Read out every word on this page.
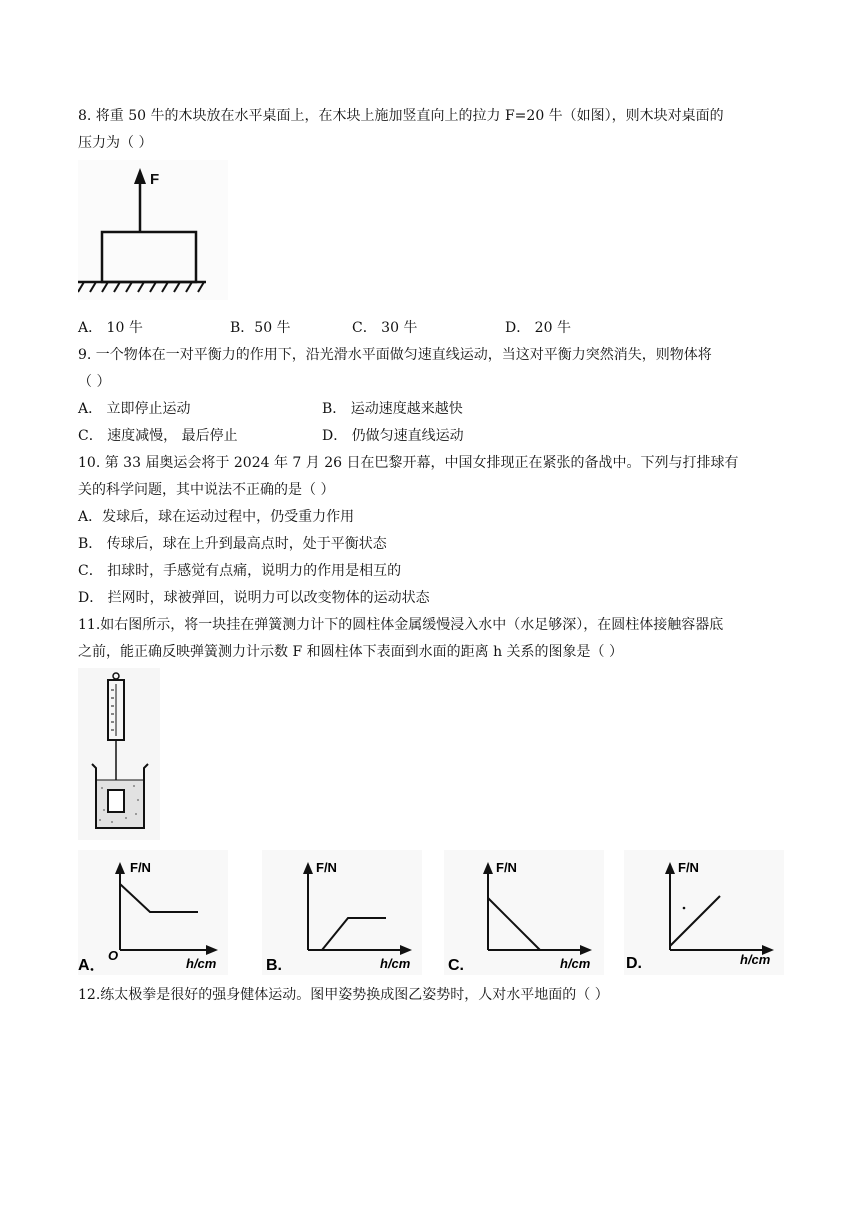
8. 将重 50 牛的木块放在水平桌面上，在木块上施加竖直向上的拉力 F=20 牛（如图），则木块对桌面的
压力为（ ）
F
A． 10 牛	B．50 牛	C． 30 牛	D． 20 牛
9. 一个物体在一对平衡力的作用下，沿光滑水平面做匀速直线运动，当这对平衡力突然消失，则物体将
（ ）
A． 立即停止运动	B． 运动速度越来越快
C． 速度减慢， 最后停止	D． 仍做匀速直线运动
10. 第 33 届奥运会将于 2024 年 7 月 26 日在巴黎开幕，中国女排现正在紧张的备战中。下列与打排球有
关的科学问题，其中说法不正确的是（ ）
A．发球后，球在运动过程中，仍受重力作用
B． 传球后，球在上升到最高点时，处于平衡状态
C． 扣球时，手感觉有点痛，说明力的作用是相互的
D． 拦网时，球被弹回，说明力可以改变物体的运动状态
11.如右图所示，将一块挂在弹簧测力计下的圆柱体金属缓慢浸入水中（水足够深），在圆柱体接触容器底
之前，能正确反映弹簧测力计示数 F 和圆柱体下表面到水面的距离 h 关系的图象是（ ）
F/N
O
h/cm
A．
F/N
h/cm
B.
F/N
h/cm
C.
F/N
h/cm
D.
12.练太极拳是很好的强身健体运动。图甲姿势换成图乙姿势时，人对水平地面的（ ）
